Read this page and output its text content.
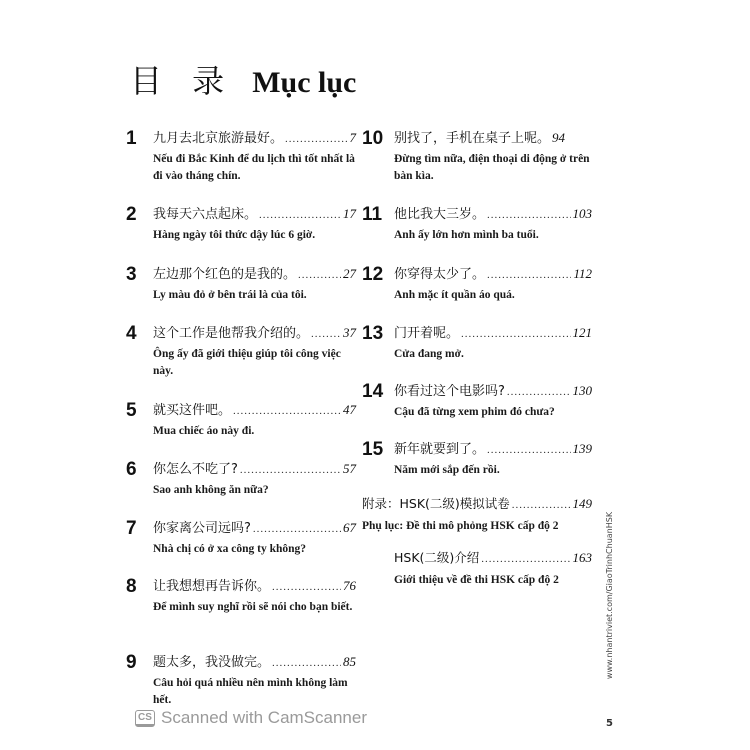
目 录 Mục lục
1 九月去北京旅游最好。 .....	7
Nếu đi Bắc Kinh để du lịch thì tốt nhất là đi vào tháng chín.
2 我每天六点起床。 .....	17
Hàng ngày tôi thức dậy lúc 6 giờ.
3 左边那个红色的是我的。 .....	27
Ly màu đỏ ở bên trái là của tôi.
4 这个工作是他帮我介绍的。 .....	37
Ông ấy đã giới thiệu giúp tôi công việc này.
5 就买这件吧。 .....	47
Mua chiếc áo này đi.
6 你怎么不吃了? .....	57
Sao anh không ăn nữa?
7 你家离公司远吗? .....	67
Nhà chị có ở xa công ty không?
8 让我想想再告诉你。 .....	76
Để mình suy nghĩ rồi sẽ nói cho bạn biết.
9 题太多，我没做完。 .....	85
Câu hỏi quá nhiều nên mình không làm hết.
10 别找了，手机在桌子上呢。 94
Đừng tìm nữa, điện thoại di động ở trên bàn kìa.
11 他比我大三岁。 .....	103
Anh ấy lớn hơn mình ba tuổi.
12 你穿得太少了。 .....	112
Anh mặc ít quần áo quá.
13 门开着呢。 .....	121
Cửa đang mở.
14 你看过这个电影吗? .....	130
Cậu đã từng xem phim đó chưa?
15 新年就要到了。 .....	139
Năm mới sắp đến rồi.
附录：HSK(二级)模拟试卷 .....	149
Phụ lục: Đề thi mô phỏng HSK cấp độ 2
HSK(二级)介绍 .....	163
Giới thiệu về đề thi HSK cấp độ 2	www.nhantriviet.com/GiaoTrinhChuanHSK
5
CS Scanned with CamScanner
